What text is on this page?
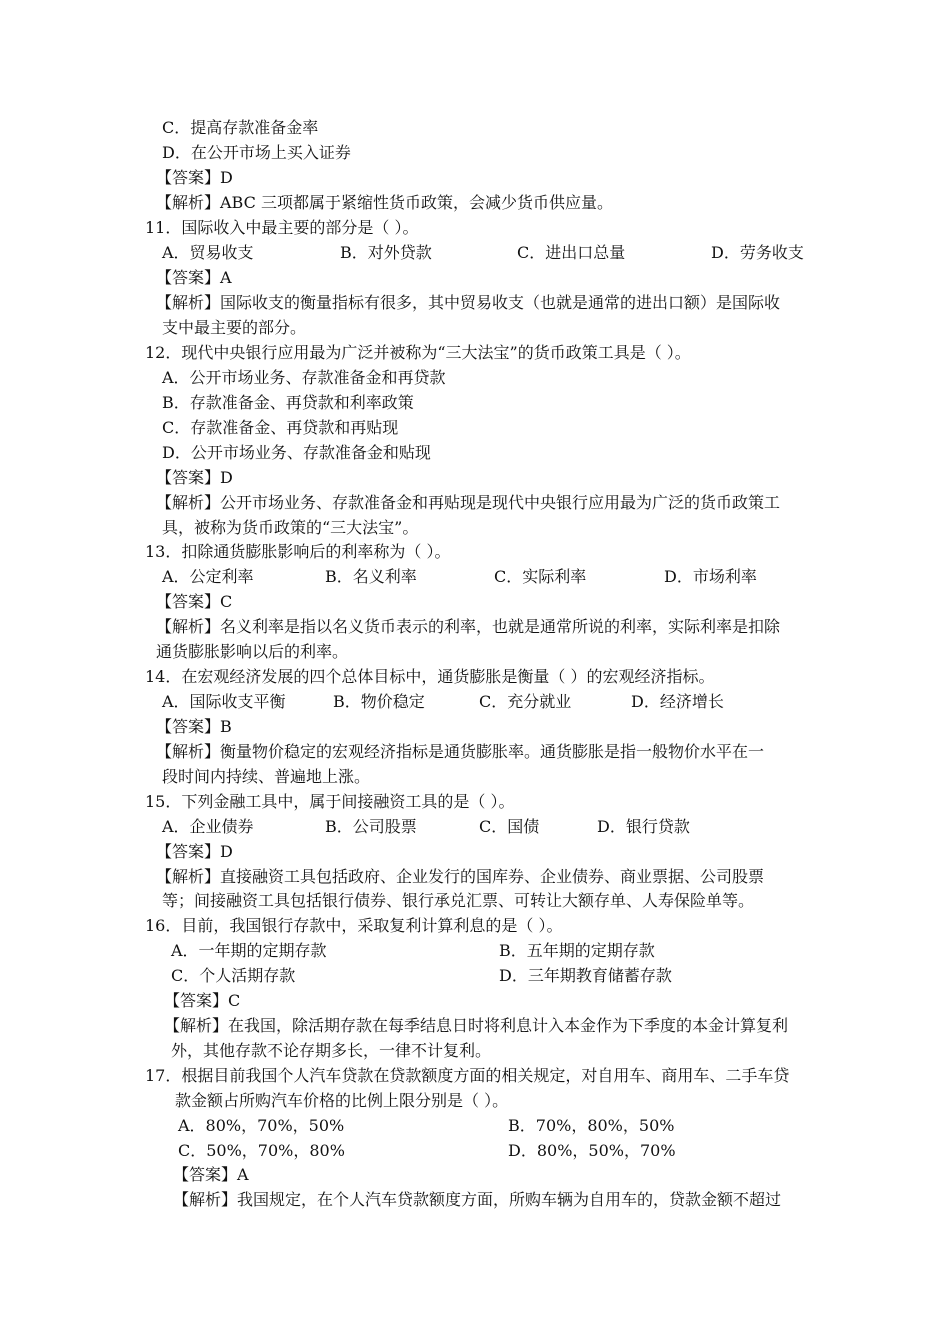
C．提高存款准备金率
D．在公开市场上买入证券
【答案】D
【解析】ABC 三项都属于紧缩性货币政策，会减少货币供应量。
11．国际收入中最主要的部分是（ ）。
A．贸易收支	B．对外贷款	C．进出口总量	D．劳务收支
【答案】A
【解析】国际收支的衡量指标有很多，其中贸易收支（也就是通常的进出口额）是国际收
支中最主要的部分。
12．现代中央银行应用最为广泛并被称为“三大法宝”的货币政策工具是（ ）。
A．公开市场业务、存款准备金和再贷款
B．存款准备金、再贷款和利率政策
C．存款准备金、再贷款和再贴现
D．公开市场业务、存款准备金和贴现
【答案】D
【解析】公开市场业务、存款准备金和再贴现是现代中央银行应用最为广泛的货币政策工
具，被称为货币政策的“三大法宝”。
13．扣除通货膨胀影响后的利率称为（ ）。
A．公定利率	B．名义利率	C．实际利率	D．市场利率
【答案】C
【解析】名义利率是指以名义货币表示的利率，也就是通常所说的利率，实际利率是扣除
通货膨胀影响以后的利率。
14．在宏观经济发展的四个总体目标中，通货膨胀是衡量（ ）的宏观经济指标。
A．国际收支平衡	B．物价稳定	C．充分就业	D．经济增长
【答案】B
【解析】衡量物价稳定的宏观经济指标是通货膨胀率。通货膨胀是指一般物价水平在一
段时间内持续、普遍地上涨。
15．下列金融工具中，属于间接融资工具的是（ ）。
A．企业债券	B．公司股票	C．国债	D．银行贷款
【答案】D
【解析】直接融资工具包括政府、企业发行的国库券、企业债券、商业票据、公司股票
等；间接融资工具包括银行债券、银行承兑汇票、可转让大额存单、人寿保险单等。
16．目前，我国银行存款中，采取复利计算利息的是（ ）。
A．一年期的定期存款	B．五年期的定期存款
C．个人活期存款	D．三年期教育储蓄存款
【答案】C
【解析】在我国，除活期存款在每季结息日时将利息计入本金作为下季度的本金计算复利
外，其他存款不论存期多长，一律不计复利。
17．根据目前我国个人汽车贷款在贷款额度方面的相关规定，对自用车、商用车、二手车贷
款金额占所购汽车价格的比例上限分别是（ ）。
A．80%，70%，50%	B．70%，80%，50%
C．50%，70%，80%	D．80%，50%，70%
【答案】A
【解析】我国规定，在个人汽车贷款额度方面，所购车辆为自用车的，贷款金额不超过
